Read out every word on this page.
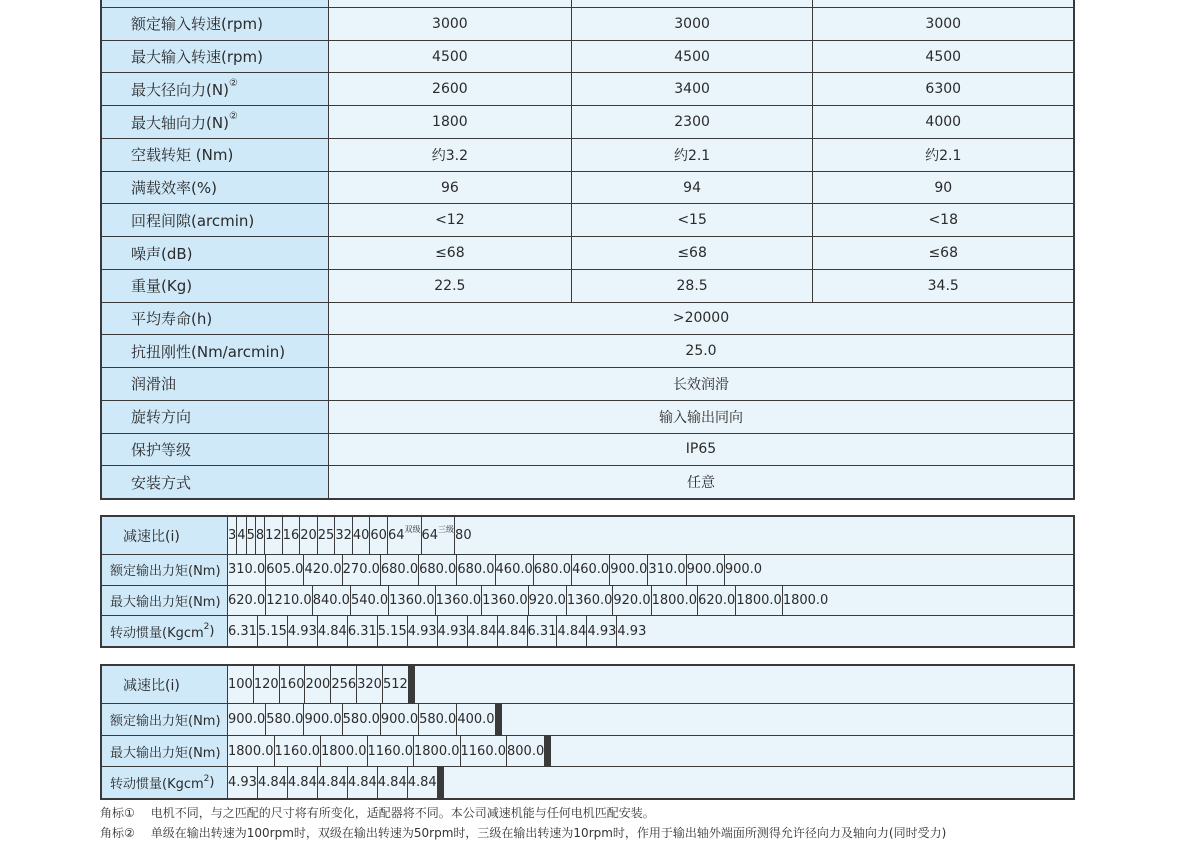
额定输入转速(rpm)	3000	3000	3000
最大输入转速(rpm)	4500	4500	4500
最大径向力(N)②	2600	3400	6300
最大轴向力(N)②	1800	2300	4000
空载转矩 (Nm)	约3.2	约2.1	约2.1
满载效率(%)	96	94	90
回程间隙(arcmin)	<12	<15	<18
噪声(dB)	≤68	≤68	≤68
重量(Kg)	22.5	28.5	34.5
平均寿命(h)	>20000
抗扭刚性(Nm/arcmin)	25.0
润滑油	长效润滑
旋转方向	输入输出同向
保护等级	IP65
安装方式	任意
减速比(i)	3 4 5 8 12 16 20 25 32 40 60 $64^{双级}$ $64^{三级}$ 80
额定输出力矩(Nm) 310.0 605.0 420.0 270.0 680.0 680.0 680.0 460.0 680.0 460.0 900.0 310.0 900.0 900.0
最大输出力矩(Nm) 620.0 1210.0 840.0 540.0 1360.0 1360.0 1360.0 920.0 1360.0 920.0 1800.0 620.0 1800.0 1800.0
转动惯量(Kgcm$^2$ ) 6.31 5.15 4.93 4.84 6.31 5.15 4.93 4.93 4.84 4.84 6.31 4.84 4.93 4.93
减速比(i)	100 120 160 200 256 320 512
额定输出力矩(Nm) 900.0 580.0 900.0 580.0 900.0 580.0 400.0
最大输出力矩(Nm) 1800.0 1160.0 1800.0 1160.0 1800.0 1160.0 800.0
转动惯量(Kgcm$^2$ ) 4.93 4.84 4.84 4.84 4.84 4.84 4.84
角标① 电机不同，与之匹配的尺寸将有所变化，适配器将不同。本公司减速机能与任何电机匹配安装。
角标② 单级在输出转速为100rpm时，双级在输出转速为50rpm时，三级在输出转速为10rpm时，作用于输出轴外端面所测得允许径向力及轴向力(同时受力)
